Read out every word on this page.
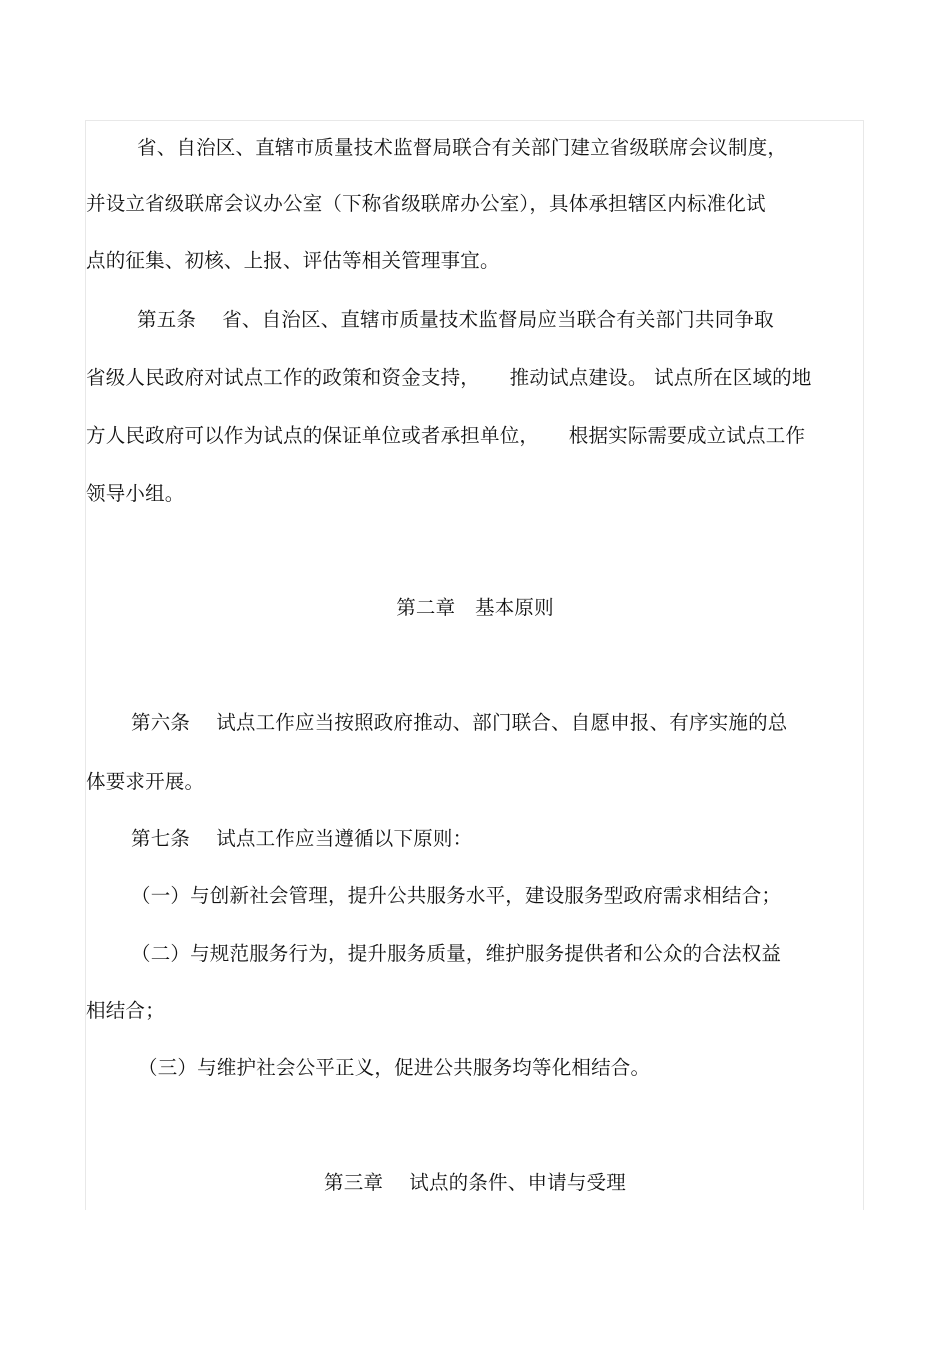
省、自治区、直辖市质量技术监督局联合有关部门建立省级联席会议制度，
并设立省级联席会议办公室（下称省级联席办公室），具体承担辖区内标准化试
点的征集、初核、上报、评估等相关管理事宜。
第五条　 省、自治区、直辖市质量技术监督局应当联合有关部门共同争取
省级人民政府对试点工作的政策和资金支持，　　推动试点建设。 试点所在区域的地
方人民政府可以作为试点的保证单位或者承担单位，　　根据实际需要成立试点工作
领导小组。
第二章　基本原则
第六条　 试点工作应当按照政府推动、部门联合、自愿申报、有序实施的总
体要求开展。
第七条　 试点工作应当遵循以下原则：
（一）与创新社会管理，提升公共服务水平，建设服务型政府需求相结合；
（二）与规范服务行为，提升服务质量，维护服务提供者和公众的合法权益
相结合；
（三）与维护社会公平正义，促进公共服务均等化相结合。
第三章　 试点的条件、申请与受理
